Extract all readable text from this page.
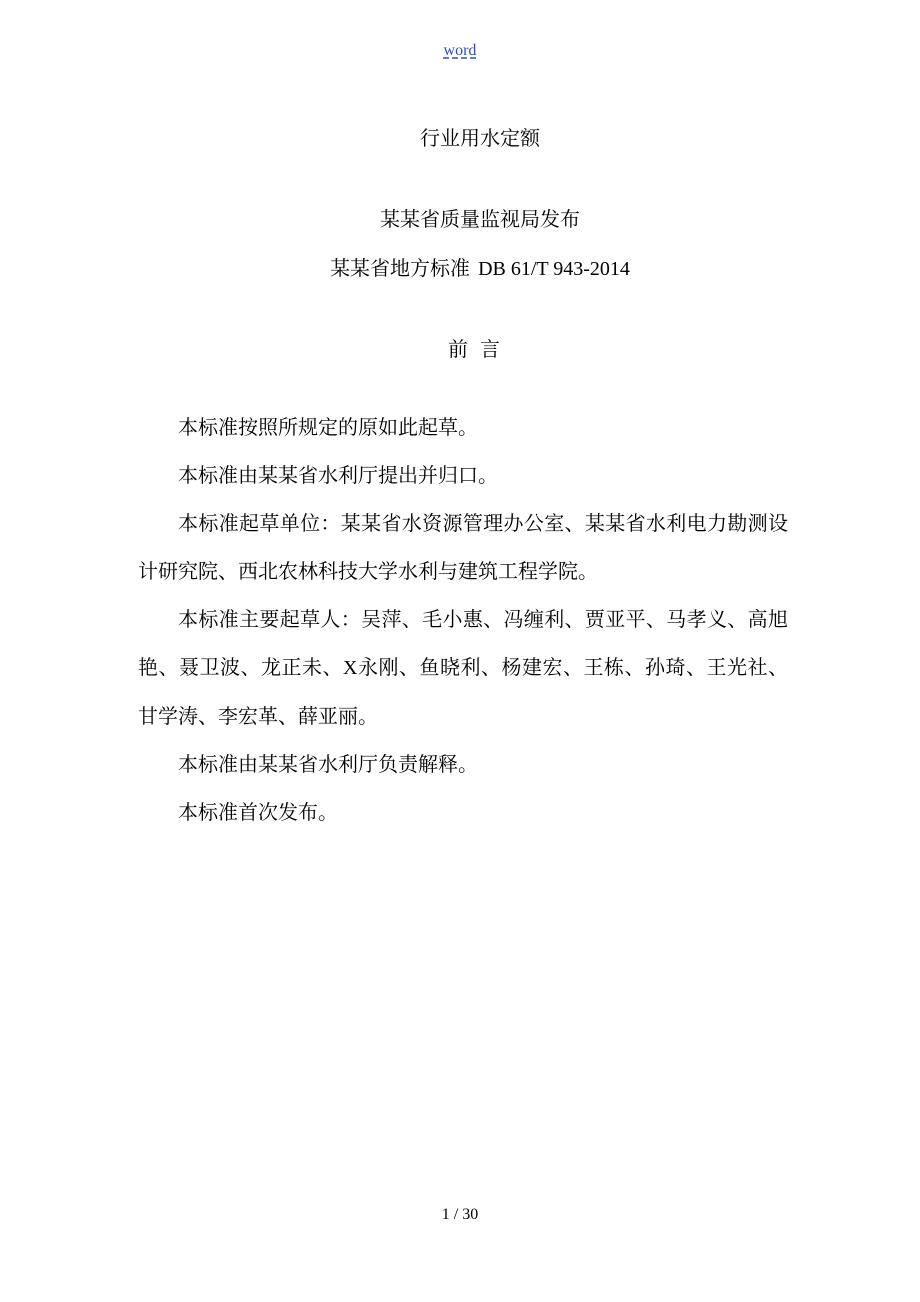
word
行业用水定额
某某省质量监视局发布
某某省地方标准 DB 61/T 943-2014
前言

本标准按照所规定的原如此起草。

本标准由某某省水利厅提出并归口。

本标准起草单位：某某省水资源管理办公室、某某省水利电力勘测设计研究院、西北农林科技大学水利与建筑工程学院。

本标准主要起草人：吴萍、毛小惠、冯缠利、贾亚平、马孝义、高旭艳、聂卫波、龙正未、X永刚、鱼晓利、杨建宏、王栋、孙琦、王光社、甘学涛、李宏革、薛亚丽。

本标准由某某省水利厅负责解释。

本标准首次发布。

1 / 30
